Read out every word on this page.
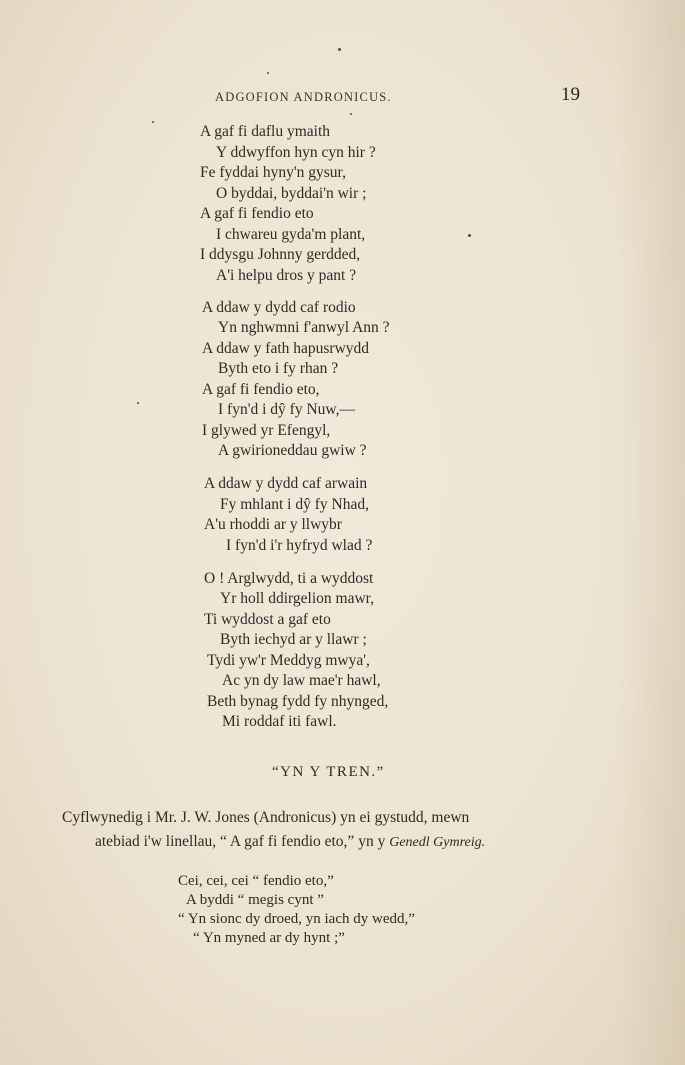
ADGOFION ANDRONICUS.	19
A gaf fi daflu ymaith
Y ddwyffon hyn cyn hir ?
Fe fyddai hyny'n gysur,
O byddai, byddai'n wir ;
A gaf fi fendio eto
I chwareu gyda'm plant,
I ddysgu Johnny gerdded,
A'i helpu dros y pant ?
A ddaw y dydd caf rodio
Yn nghwmni f'anwyl Ann ?
A ddaw y fath hapusrwydd
Byth eto i fy rhan ?
A gaf fi fendio eto,
I fyn'd i dŷ fy Nuw,—
I glywed yr Efengyl,
A gwirioneddau gwiw ?
A ddaw y dydd caf arwain
Fy mhlant i dŷ fy Nhad,
A'u rhoddi ar y llwybr
I fyn'd i'r hyfryd wlad ?
O ! Arglwydd, ti a wyddost
Yr holl ddirgelion mawr,
Ti wyddost a gaf eto
Byth iechyd ar y llawr ;
Tydi yw'r Meddyg mwya',
Ac yn dy law mae'r hawl,
Beth bynag fydd fy nhynged,
Mi roddaf iti fawl.
“YN Y TREN.”
Cyflwynedig i Mr. J. W. Jones (Andronicus) yn ei gystudd, mewn
atebiad i'w linellau, “ A gaf fi fendio eto,” yn y Genedl Gymreig.
Cei, cei, cei “ fendio eto,”
A byddi “ megis cynt ”
“ Yn sionc dy droed, yn iach dy wedd,”
“ Yn myned ar dy hynt ;”
